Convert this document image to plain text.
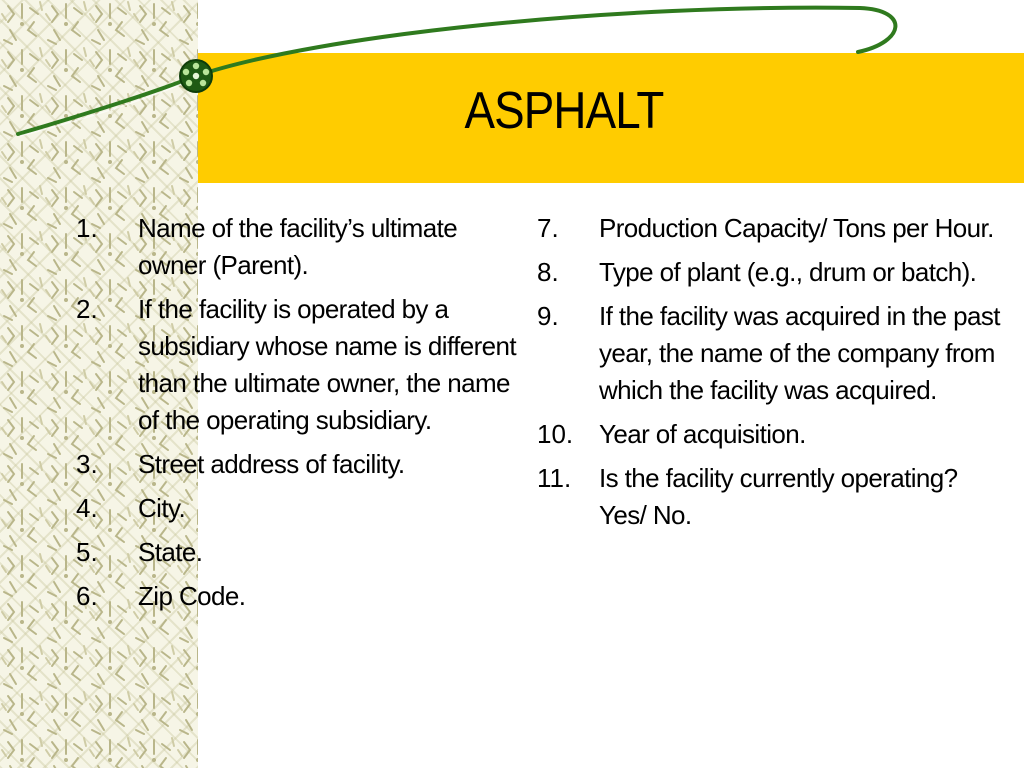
ASPHALT
1.	Name of the facility’s ultimate owner (Parent).
2.	If the facility is operated by a subsidiary whose name is different than the ultimate owner, the name of the operating subsidiary.
3.	Street address of facility.
4.	City.
5.	State.
6.	Zip Code.
7.	Production Capacity/ Tons per Hour.
8.	Type of plant (e.g., drum or batch).
9.	If the facility was acquired in the past year, the name of the company from which the facility was acquired.
10. Year of acquisition.
11.	Is the facility currently operating? Yes/ No.
